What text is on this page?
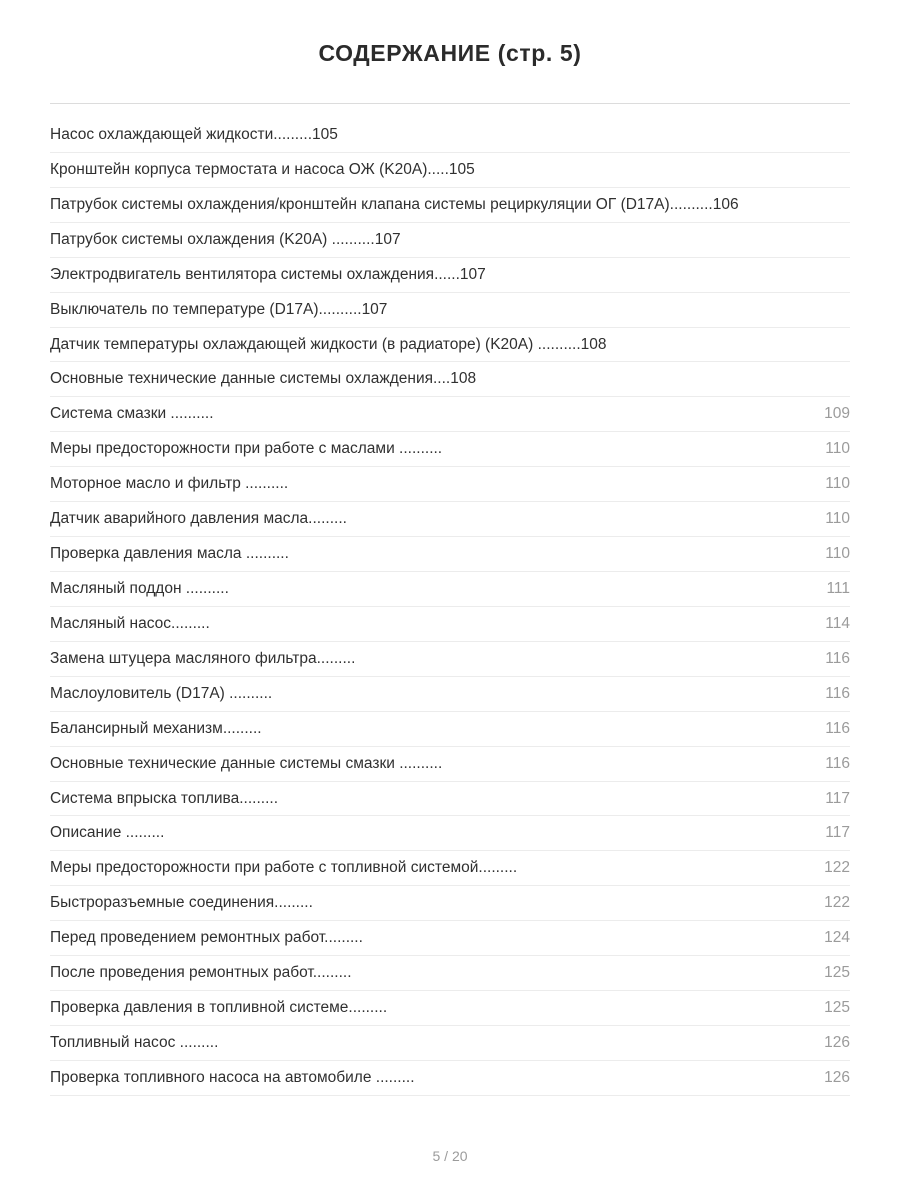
СОДЕРЖАНИЕ (стр. 5)
Насос охлаждающей жидкости.........105
Кронштейн корпуса термостата и насоса ОЖ (K20A).....105
Патрубок системы охлаждения/кронштейн клапана системы рециркуляции ОГ (D17A)..........106
Патрубок системы охлаждения (K20A) ..........107
Электродвигатель вентилятора системы охлаждения......107
Выключатель по температуре (D17A)..........107
Датчик температуры охлаждающей жидкости (в радиаторе) (K20A) ..........108
Основные технические данные системы охлаждения....108
Система смазки ..........	109
Меры предосторожности при работе с маслами ..........	110
Моторное масло и фильтр ..........	110
Датчик аварийного давления масла.........	110
Проверка давления масла ..........	110
Масляный поддон ..........	111
Масляный насос.........	114
Замена штуцера масляного фильтра.........	116
Маслоуловитель (D17A) ..........	116
Балансирный механизм.........	116
Основные технические данные системы смазки ..........	116
Система впрыска топлива.........	117
Описание .........	117
Меры предосторожности при работе с топливной системой.........	122
Быстроразъемные соединения.........	122
Перед проведением ремонтных работ.........	124
После проведения ремонтных работ.........	125
Проверка давления в топливной системе.........	125
Топливный насос .........	126
Проверка топливного насоса на автомобиле .........	126
5 / 20
